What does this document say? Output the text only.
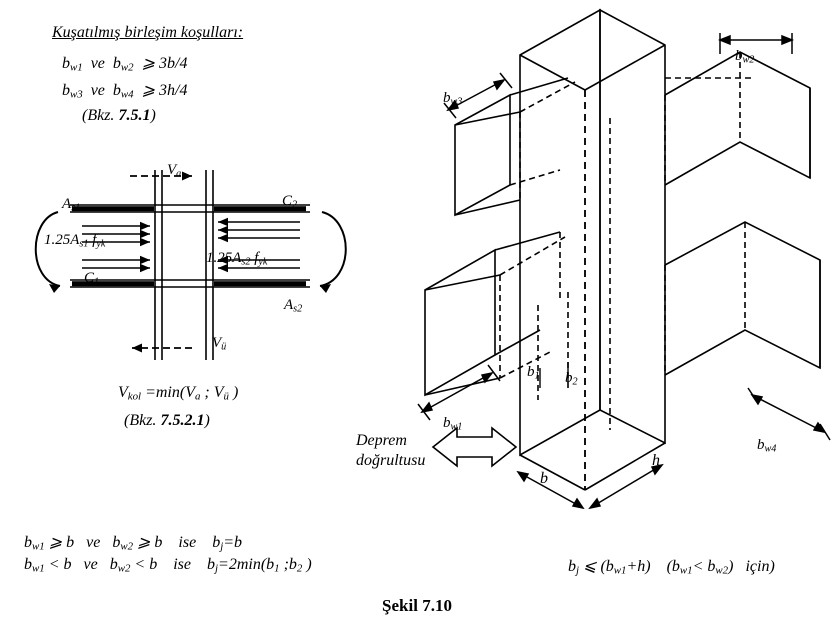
Kuşatılmış birleşim koşulları:
$b_{w1}$ ve $b_{w2}$ ⩾ 3b/4
$b_{w3}$ ve $b_{w4}$ ⩾ 3h/4
(Bkz. 7.5.1)
$V_a$
$V_ü$
$A_{s1}$	$C_2$
$C_1$
$A_{s2}$
$1.25A_{s1}$ $f_{yk}$
$1.25A_{s2}$ $f_{yk}$
$V_{kol} =\min(V_a$ ; $V_ü$ )
(Bkz. 7.5.2.1)
$b_{w2}$
$b_{w3}$
$b_{w1}$
$b_{w4}$
$b_1$ $b_2$
b
h
Deprem
doğrultusu
$b_{w1}$ ⩾ b ve $b_{w2}$ ⩾ b ise $b_j=b$
$b_{w1} < b$ ve $b_{w2} < b$ ise $b_j=2\min(b_1$ $;b_2$ )	$b_j$ ⩽ $(b_{w1}+h)$ $(b_{w1}< b_{w2})$ için)
Şekil 7.10
